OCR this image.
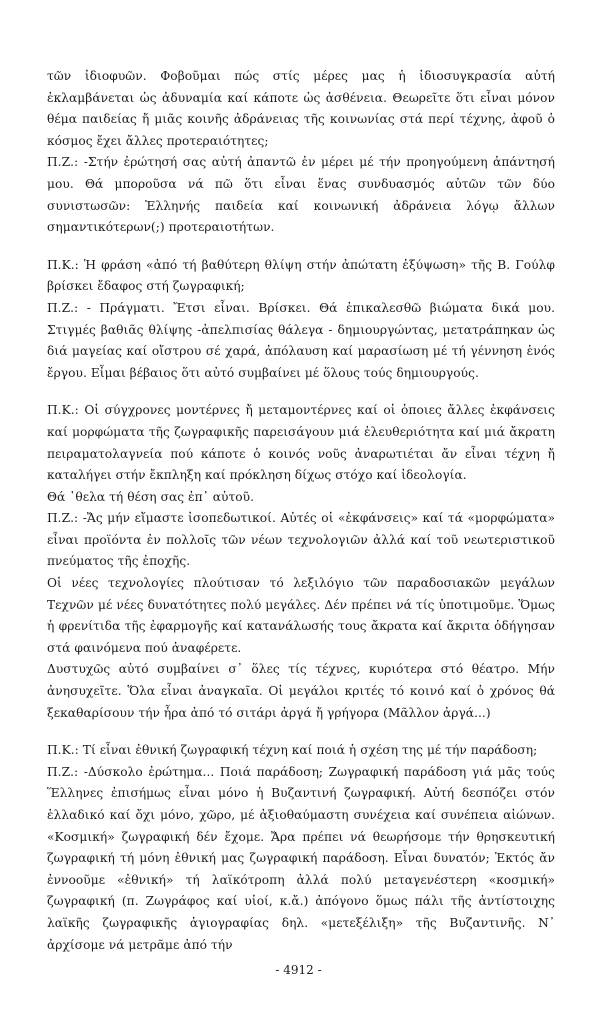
τῶν ἰδιοφυῶν. Φοβοῦμαι πώς στίς μέρες μας ἡ ἰδιοσυγκρασία αὐτή ἐκλαμβάνεται ὡς ἀδυναμία καί κάποτε ὡς ἀσθένεια. Θεωρεῖτε ὅτι εἶναι μόνον θέμα παιδείας ἤ μιᾶς κοινῆς ἀδράνειας τῆς κοινωνίας στά περί τέχνης, ἀφοῦ ὁ κόσμος ἔχει ἄλλες προτεραιότητες;

Π.Ζ.: -Στήν ἐρώτησή σας αὐτή ἀπαντῶ ἐν μέρει μέ τήν προηγούμενη ἀπάντησή μου. Θά μποροῦσα νά πῶ ὅτι εἶναι ἕνας συνδυασμός αὐτῶν τῶν δύο συνιστωσῶν: Ἑλληνής παιδεία καί κοινωνική ἀδράνεια λόγῳ ἄλλων σημαντικότερων(;) προτεραιοτήτων.

Π.Κ.: Ἡ φράση «ἀπό τή βαθύτερη θλίψη στήν ἀπώτατη ἐξύψωση» τῆς Β. Γούλφ βρίσκει ἔδαφος στή ζωγραφική;

Π.Ζ.: - Πράγματι. Ἔτσι εἶναι. Βρίσκει. Θά ἐπικαλεσθῶ βιώματα δικά μου. Στιγμές βαθιᾶς θλίψης -ἀπελπισίας θάλεγα - δημιουργώντας, μετατράπηκαν ὡς διά μαγείας καί οἴστρου σέ χαρά, ἀπόλαυση καί μαρασίωση μέ τή γέννηση ἑνός ἔργου. Εἶμαι βέβαιος ὅτι αὐτό συμβαίνει μέ ὅλους τούς δημιουργούς.

Π.Κ.: Οἱ σύγχρονες μοντέρνες ἤ μεταμοντέρνες καί οἱ ὁποιες ἄλλες ἐκφάνσεις καί μορφώματα τῆς ζωγραφικῆς παρεισάγουν μιά ἐλευθεριότητα καί μιά ἄκρατη πειραματολαγνεία πού κάποτε ὁ κοινός νοῦς ἀναρωτιέται ἄν εἶναι τέχνη ἤ καταλήγει στήν ἔκπληξη καί πρόκληση δίχως στόχο καί ἰδεολογία.

Θά ᾽θελα τή θέση σας ἐπ᾽ αὐτοῦ.

Π.Ζ.: -Ἄς μήν εἴμαστε ἰσοπεδωτικοί. Αὐτές οἱ «ἐκφάνσεις» καί τά «μορφώματα» εἶναι προϊόντα ἐν πολλοῖς τῶν νέων τεχνολογιῶν ἀλλά καί τοῦ νεωτεριστικοῦ πνεύματος τῆς ἐποχῆς.

Οἱ νέες τεχνολογίες πλούτισαν τό λεξιλόγιο τῶν παραδοσιακῶν μεγάλων Τεχνῶν μέ νέες δυνατότητες πολύ μεγάλες. Δέν πρέπει νά τίς ὑποτιμοῦμε. Ὅμως ἡ φρενίτιδα τῆς ἐφαρμογῆς καί κατανάλωσής τους ἄκρατα καί ἄκριτα ὁδήγησαν στά φαινόμενα πού ἀναφέρετε.

Δυστυχῶς αὐτό συμβαίνει σ᾽ ὅλες τίς τέχνες, κυριότερα στό θέατρο. Μήν ἀνησυχεῖτε. Ὅλα εἶναι ἀναγκαῖα. Οἱ μεγάλοι κριτές τό κοινό καί ὁ χρόνος θά ξεκαθαρίσουν τήν ἦρα ἀπό τό σιτάρι ἀργά ἤ γρήγορα (Μᾶλλον ἀργά...)

Π.Κ.: Τί εἶναι ἐθνική ζωγραφική τέχνη καί ποιά ἡ σχέση της μέ τήν παράδοση;

Π.Ζ.: -Δύσκολο ἐρώτημα... Ποιά παράδοση; Ζωγραφική παράδοση γιά μᾶς τούς Ἕλληνες ἐπισήμως εἶναι μόνο ἡ Βυζαντινή ζωγραφική. Αὐτή δεσπόζει στόν ἑλλαδικό καί ὄχι μόνο, χῶρο, μέ ἀξιοθαύμαστη συνέχεια καί συνέπεια αἰώνων. «Κοσμική» ζωγραφική δέν ἔχομε. Ἄρα πρέπει νά θεωρήσομε τήν θρησκευτική ζωγραφική τή μόνη ἐθνική μας ζωγραφική παράδοση. Εἶναι δυνατόν; Ἐκτός ἄν ἐννοοῦμε «ἐθνική» τή λαϊκότροπη ἀλλά πολύ μεταγενέστερη «κοσμική» ζωγραφική (π. Ζωγράφος καί υἱοί, κ.ἄ.) ἀπόγονο ὅμως πάλι τῆς ἀντίστοιχης λαϊκῆς ζωγραφικῆς ἁγιογραφίας δηλ. «μετεξέλιξη» τῆς Βυζαντινῆς. Ν᾽ ἀρχίσομε νά μετρᾶμε ἀπό τήν

- 4912 -
